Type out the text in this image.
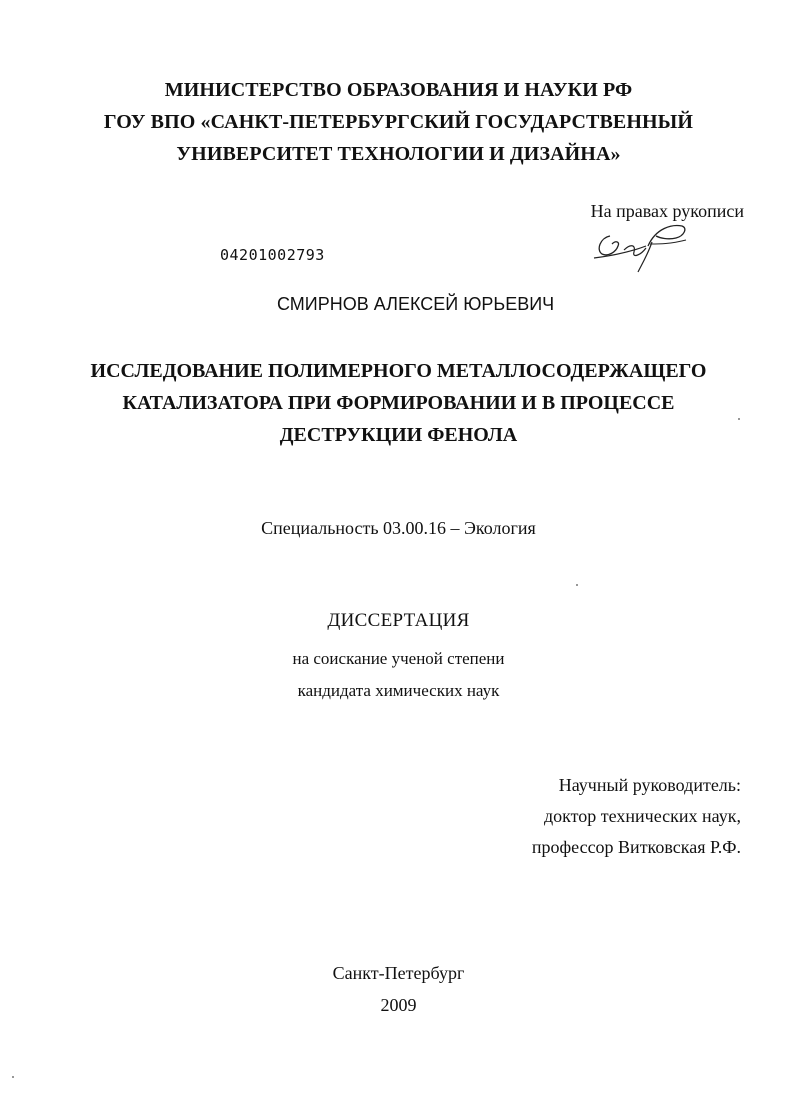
МИНИСТЕРСТВО ОБРАЗОВАНИЯ И НАУКИ РФ
ГОУ ВПО «САНКТ-ПЕТЕРБУРГСКИЙ ГОСУДАРСТВЕННЫЙ
УНИВЕРСИТЕТ ТЕХНОЛОГИИ И ДИЗАЙНА»
На правах рукописи
04201002793
СМИРНОВ АЛЕКСЕЙ ЮРЬЕВИЧ
ИССЛЕДОВАНИЕ ПОЛИМЕРНОГО МЕТАЛЛОСОДЕРЖАЩЕГО
КАТАЛИЗАТОРА ПРИ ФОРМИРОВАНИИ И В ПРОЦЕССЕ
ДЕСТРУКЦИИ ФЕНОЛА
Специальность 03.00.16 – Экология
ДИССЕРТАЦИЯ
на соискание ученой степени
кандидата химических наук
Научный руководитель:
доктор технических наук,
профессор Витковская Р.Ф.
Санкт-Петербург
2009
